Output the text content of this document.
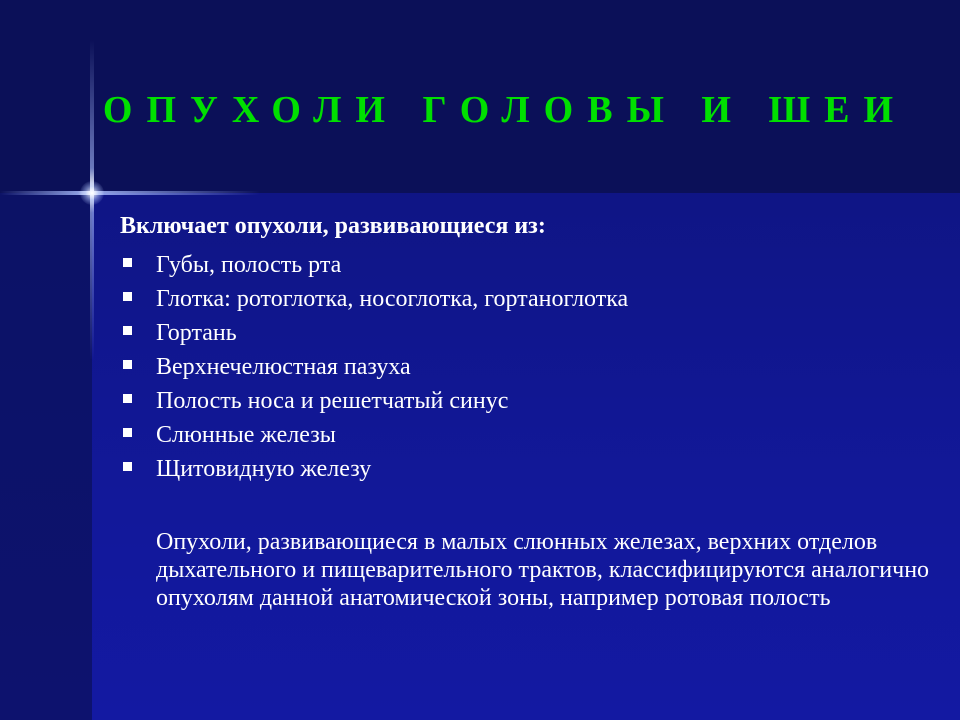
ОПУХОЛИ ГОЛОВЫ И ШЕИ

Включает опухоли, развивающиеся из:

Губы, полость рта
Глотка: ротоглотка, носоглотка, гортаноглотка
Гортань
Верхнечелюстная пазуха
Полость носа и решетчатый синус
Слюнные железы
Щитовидную железу

Опухоли, развивающиеся в малых слюнных железах, верхних отделов дыхательного и пищеварительного трактов, классифицируются аналогично опухолям данной анатомической зоны, например ротовая полость
